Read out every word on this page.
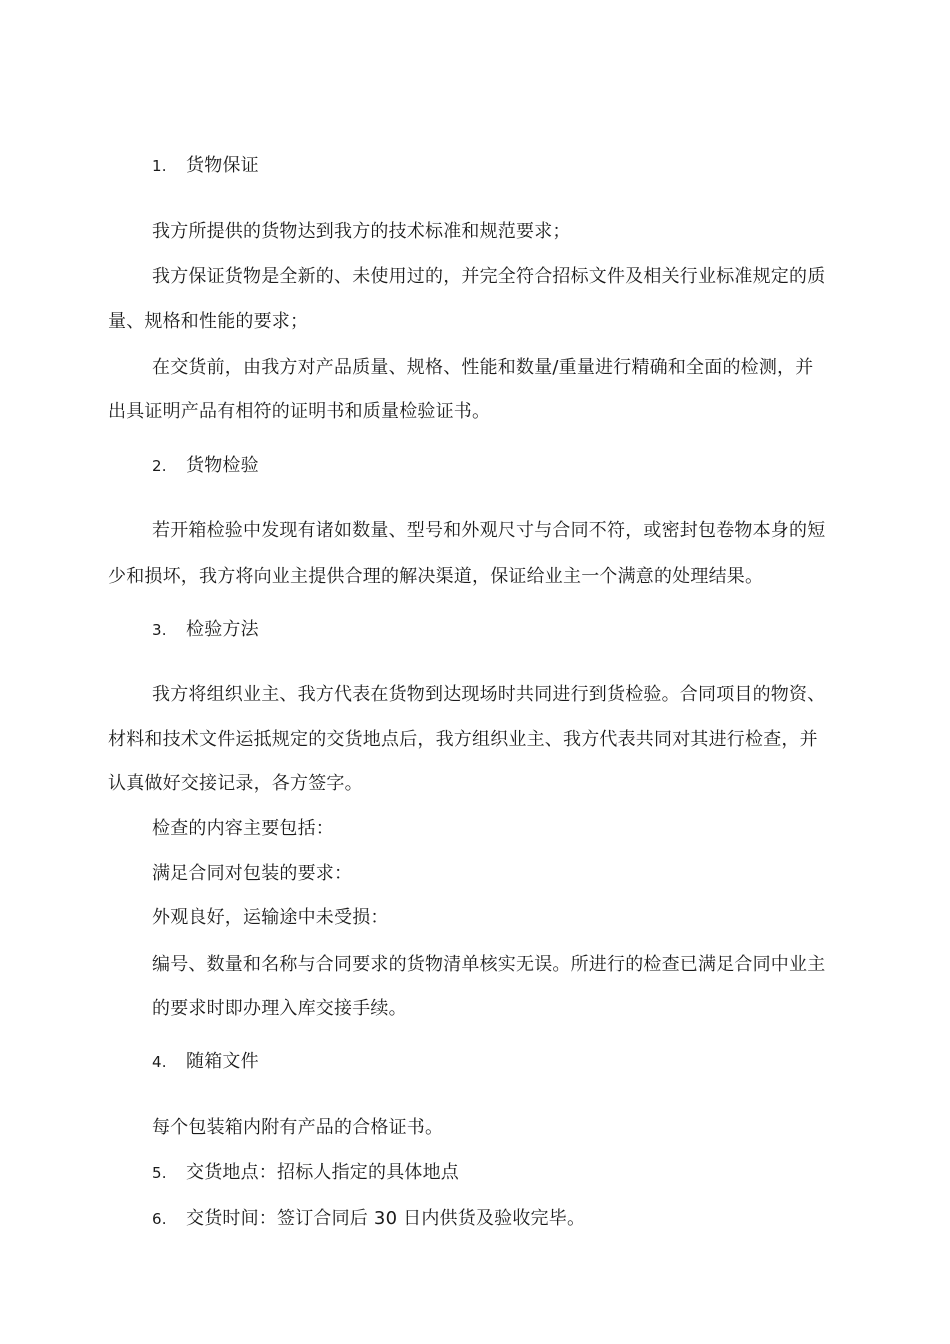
1. 货物保证
我方所提供的货物达到我方的技术标准和规范要求；
我方保证货物是全新的、未使用过的，并完全符合招标文件及相关行业标准规定的质
量、规格和性能的要求；
在交货前，由我方对产品质量、规格、性能和数量/重量进行精确和全面的检测，并
出具证明产品有相符的证明书和质量检验证书。
2. 货物检验
若开箱检验中发现有诸如数量、型号和外观尺寸与合同不符，或密封包卷物本身的短
少和损坏，我方将向业主提供合理的解决渠道，保证给业主一个满意的处理结果。
3. 检验方法
我方将组织业主、我方代表在货物到达现场时共同进行到货检验。合同项目的物资、
材料和技术文件运抵规定的交货地点后，我方组织业主、我方代表共同对其进行检查，并
认真做好交接记录，各方签字。
检查的内容主要包括：
满足合同对包装的要求：
外观良好，运输途中未受损：
编号、数量和名称与合同要求的货物清单核实无误。所进行的检查已满足合同中业主
的要求时即办理入库交接手续。
4. 随箱文件
每个包装箱内附有产品的合格证书。
5. 交货地点：招标人指定的具体地点
6. 交货时间：签订合同后 30 日内供货及验收完毕。
